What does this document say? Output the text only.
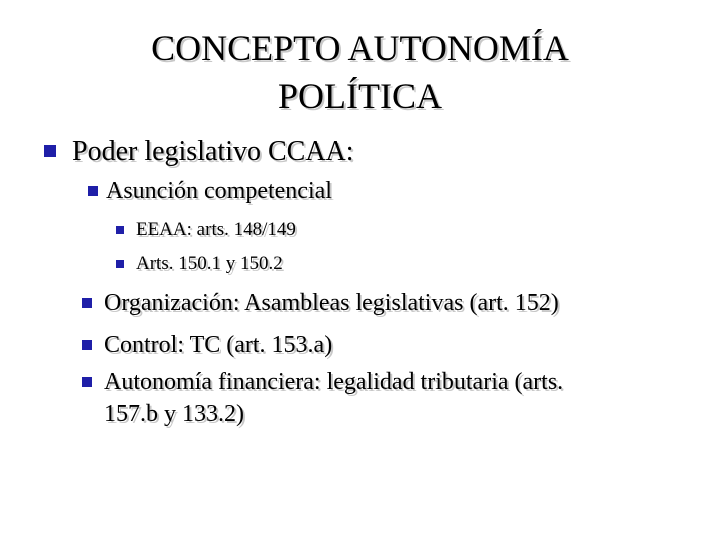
CONCEPTO AUTONOMÍA
POLÍTICA
Poder legislativo CCAA:
Asunción competencial
EEAA: arts. 148/149
Arts. 150.1 y 150.2
Organización: Asambleas legislativas (art. 152)
Control: TC (art. 153.a)
Autonomía financiera: legalidad tributaria (arts.
157.b y 133.2)
